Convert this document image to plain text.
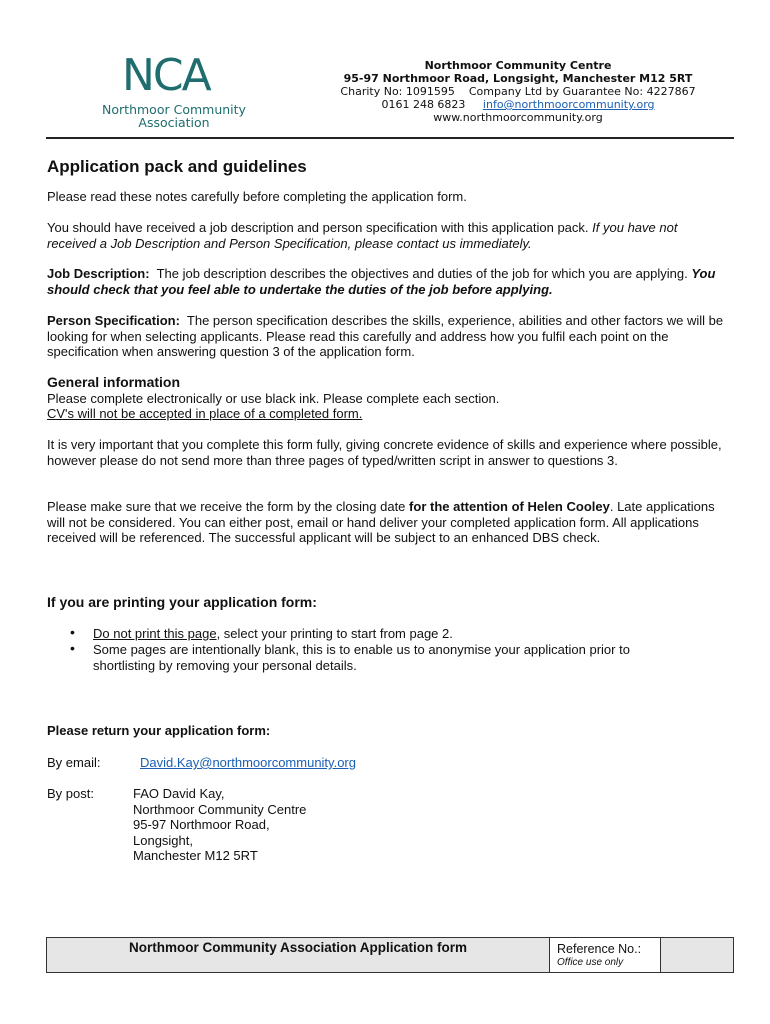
NCA
Northmoor Community
Association
Northmoor Community Centre
95-97 Northmoor Road, Longsight, Manchester M12 5RT
Charity No: 1091595 Company Ltd by Guarantee No: 4227867
0161 248 6823 info@northmoorcommunity.org
www.northmoorcommunity.org
Application pack and guidelines
Please read these notes carefully before completing the application form.
You should have received a job description and person specification with this application pack. If you have not received a Job Description and Person Specification, please contact us immediately.
Job Description: The job description describes the objectives and duties of the job for which you are applying. You should check that you feel able to undertake the duties of the job before applying.
Person Specification: The person specification describes the skills, experience, abilities and other factors we will be looking for when selecting applicants. Please read this carefully and address how you fulfil each point on the specification when answering question 3 of the application form.
General information
Please complete electronically or use black ink. Please complete each section.
CV's will not be accepted in place of a completed form.
It is very important that you complete this form fully, giving concrete evidence of skills and experience where possible, however please do not send more than three pages of typed/written script in answer to questions 3.
Please make sure that we receive the form by the closing date for the attention of Helen Cooley. Late applications will not be considered. You can either post, email or hand deliver your completed application form. All applications received will be referenced. The successful applicant will be subject to an enhanced DBS check.
If you are printing your application form:
• Do not print this page, select your printing to start from page 2.
• Some pages are intentionally blank, this is to enable us to anonymise your application prior to shortlisting by removing your personal details.
Please return your application form:
By email:	David.Kay@northmoorcommunity.org
By post:	FAO David Kay,
Northmoor Community Centre
95-97 Northmoor Road,
Longsight,
Manchester M12 5RT
Northmoor Community Association Application form	Reference No.:
Office use only
